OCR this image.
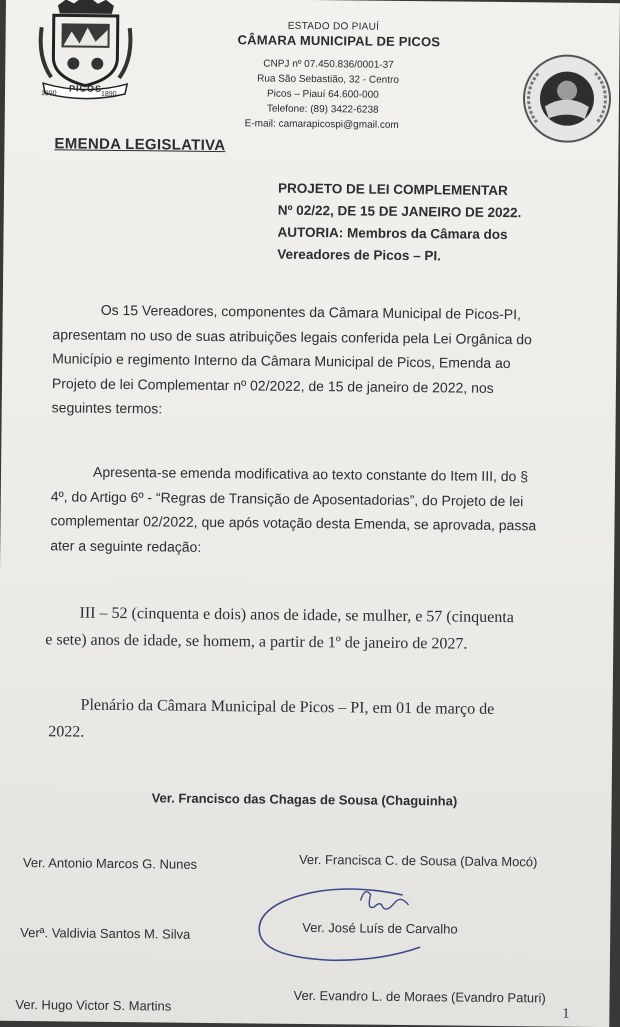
PICOS
1890	1890
ESTADO DO PIAUÍ
CÂMARA MUNICIPAL DE PICOS
CNPJ nº 07.450.836/0001-37
Rua São Sebastião, 32 - Centro
Picos – Piauí 64.600-000
Telefone: (89) 3422-6238
E-mail: camarapicospi@gmail.com
EMENDA LEGISLATIVA
PROJETO DE LEI COMPLEMENTAR
Nº 02/22, DE 15 DE JANEIRO DE 2022.
AUTORIA: Membros da Câmara dos
Vereadores de Picos – PI.
Os 15 Vereadores, componentes da Câmara Municipal de Picos-PI,
apresentam no uso de suas atribuições legais conferida pela Lei Orgânica do
Município e regimento Interno da Câmara Municipal de Picos, Emenda ao
Projeto de lei Complementar nº 02/2022, de 15 de janeiro de 2022, nos
seguintes termos:
Apresenta-se emenda modificativa ao texto constante do Item III, do §
4º, do Artigo 6º - “Regras de Transição de Aposentadorias”, do Projeto de lei
complementar 02/2022, que após votação desta Emenda, se aprovada, passa
ater a seguinte redação:
III – 52 (cinquenta e dois) anos de idade, se mulher, e 57 (cinquenta
e sete) anos de idade, se homem, a partir de 1º de janeiro de 2027.
Plenário da Câmara Municipal de Picos – PI, em 01 de março de
2022.
Ver. Francisco das Chagas de Sousa (Chaguinha)
Ver. Antonio Marcos G. Nunes
Verª. Valdivia Santos M. Silva
Ver. Hugo Victor S. Martins
Ver. Francisca C. de Sousa (Dalva Mocó)
Ver. José Luís de Carvalho
Ver. Evandro L. de Moraes (Evandro Paturi)
1
